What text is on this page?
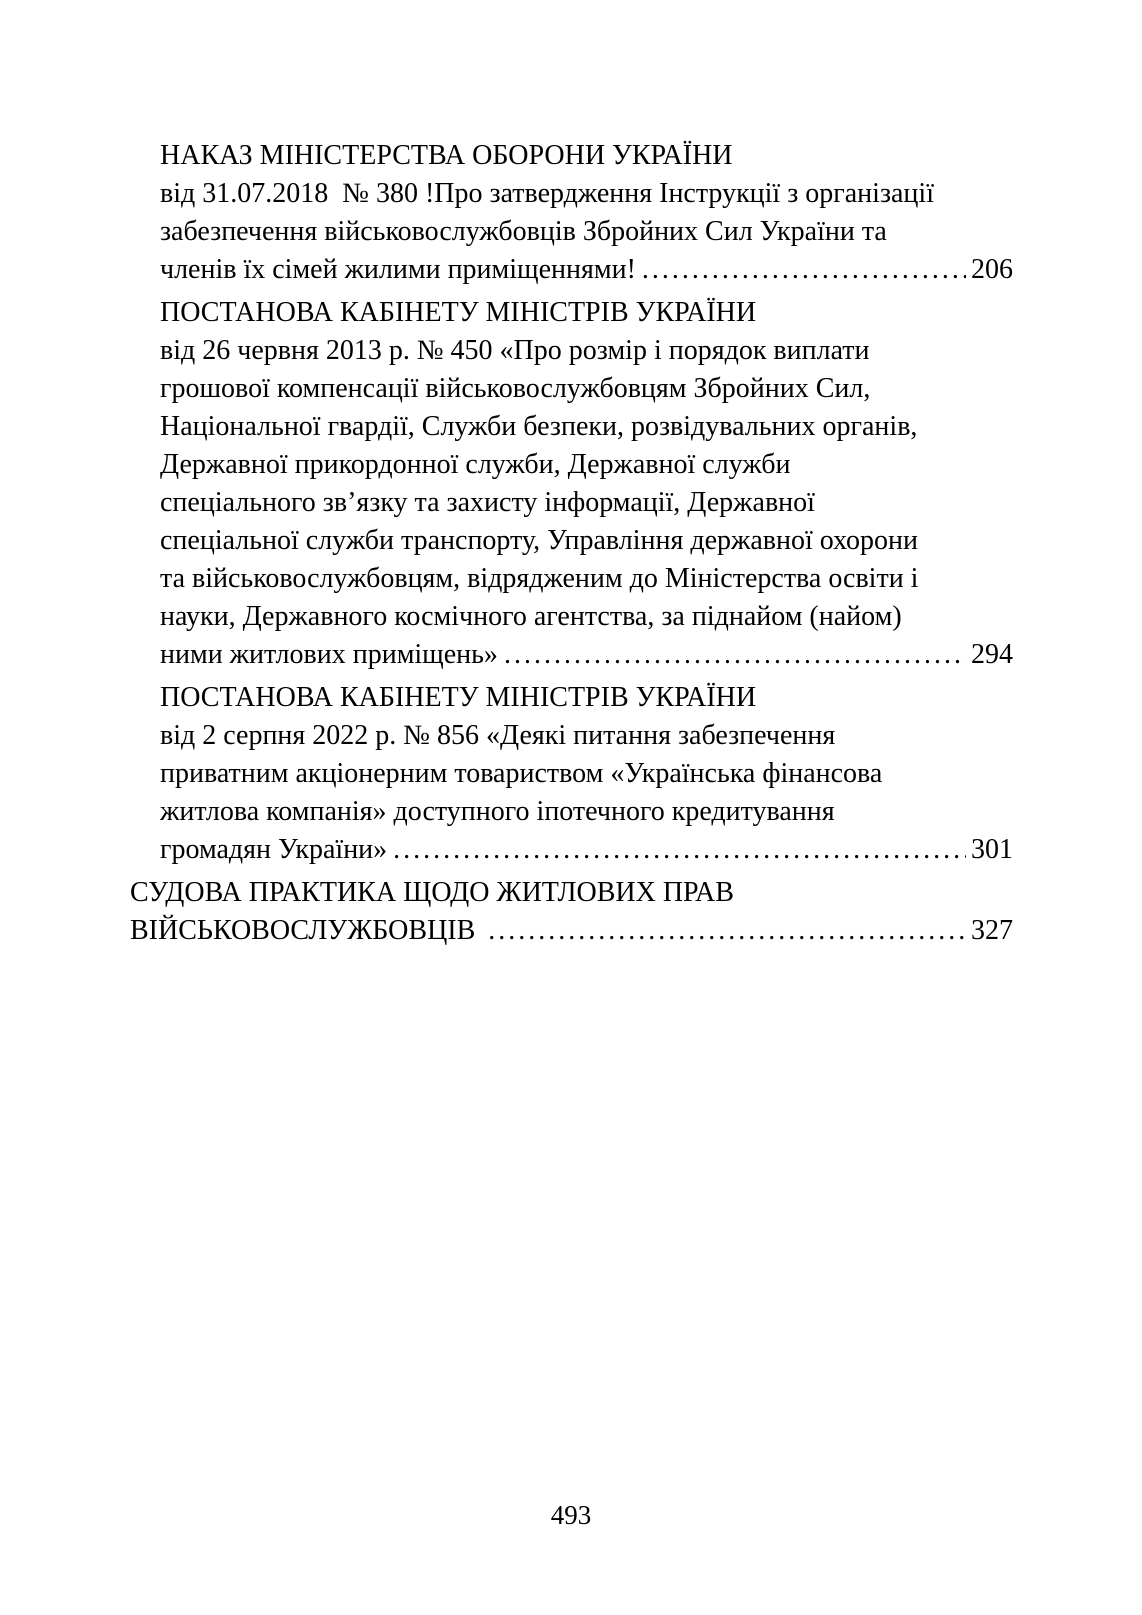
НАКАЗ МІНІСТЕРСТВА ОБОРОНИ УКРАЇНИ
від 31.07.2018  № 380 !Про затвердження Інструкції з організації
забезпечення військовослужбовців Збройних Сил України та
членів їх сімей жилими приміщеннями! .....	206
ПОСТАНОВА КАБІНЕТУ МІНІСТРІВ УКРАЇНИ
від 26 червня 2013 р. № 450 «Про розмір і порядок виплати
грошової компенсації військовослужбовцям Збройних Сил,
Національної гвардії, Служби безпеки, розвідувальних органів,
Державної прикордонної служби, Державної служби
спеціального зв’язку та захисту інформації, Державної
спеціальної служби транспорту, Управління державної охорони
та військовослужбовцям, відрядженим до Міністерства освіти і
науки, Державного космічного агентства, за піднайом (найом)
ними житлових приміщень» .....	294
ПОСТАНОВА КАБІНЕТУ МІНІСТРІВ УКРАЇНИ
від 2 серпня 2022 р. № 856 «Деякі питання забезпечення
приватним акціонерним товариством «Українська фінансова
житлова компанія» доступного іпотечного кредитування
громадян України» .....	301
СУДОВА ПРАКТИКА ЩОДО ЖИТЛОВИХ ПРАВ
ВІЙСЬКОВОСЛУЖБОВЦІВ .....	327
493
